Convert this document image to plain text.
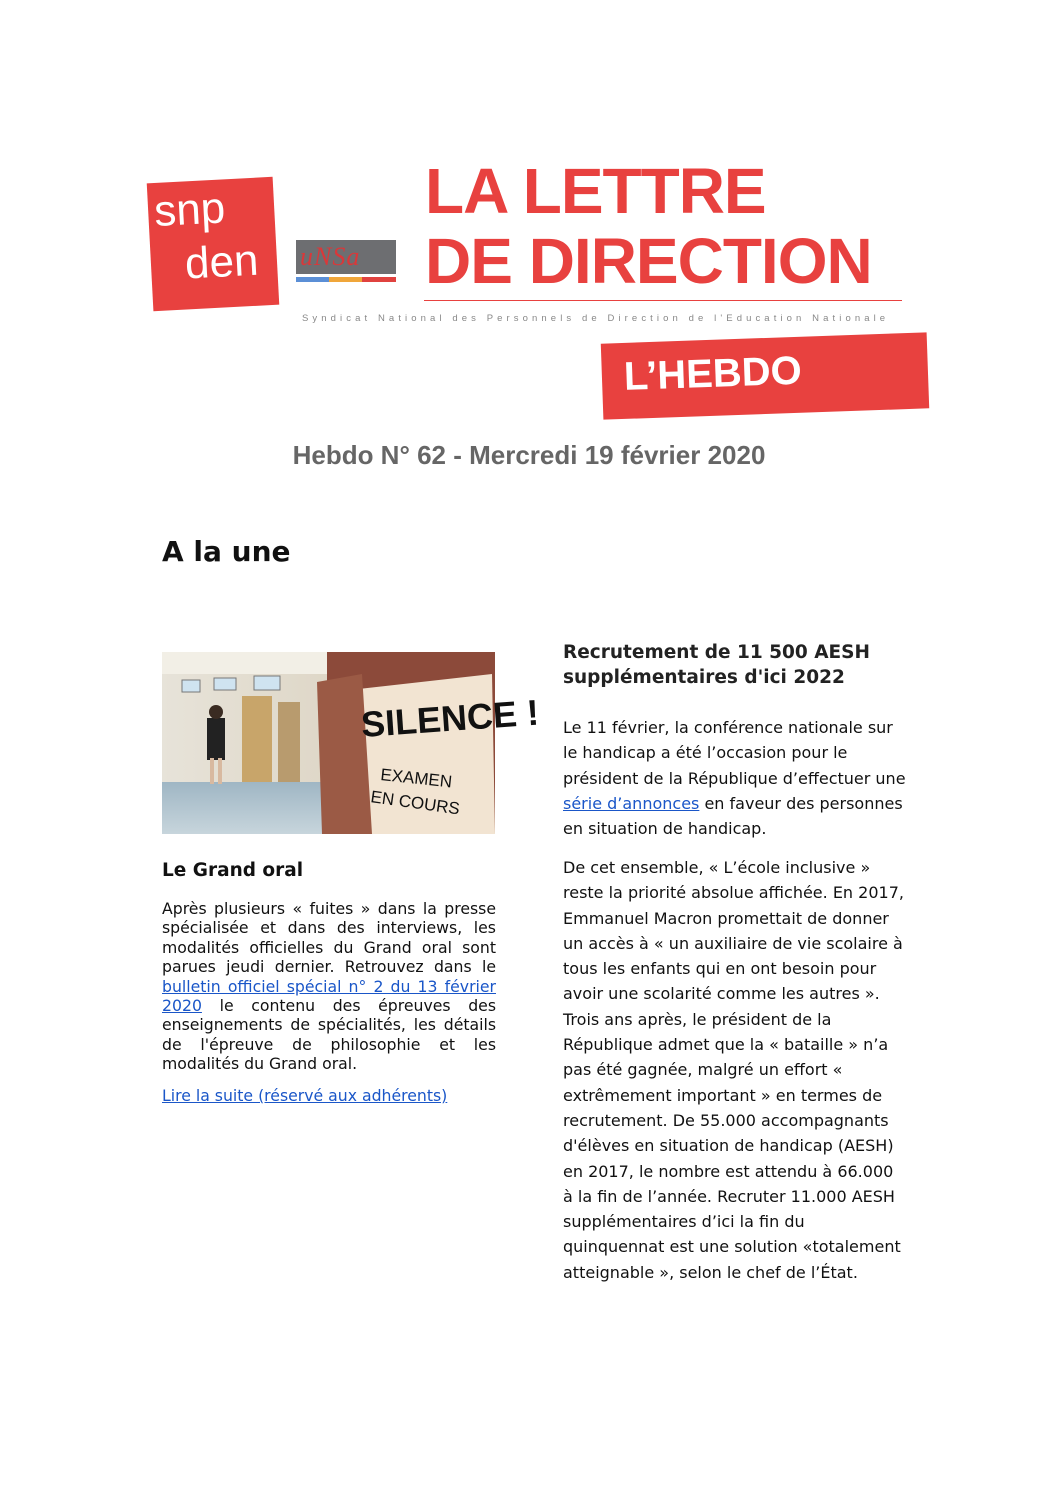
snp
den uNSa
LA LETTRE
DE DIRECTION
Syndicat National des Personnels de Direction de l'Education Nationale
L’HEBDO
Hebdo N° 62 - Mercredi 19 février 2020
A la une
SILENCE !
EXAMEN
EN COURS
Le Grand oral
Après plusieurs « fuites » dans la presse spécialisée et dans des interviews, les modalités officielles du Grand oral sont parues jeudi dernier. Retrouvez dans le bulletin officiel spécial n° 2 du 13 février 2020 le contenu des épreuves des enseignements de spécialités, les détails de l'épreuve de philosophie et les modalités du Grand oral.
Lire la suite (réservé aux adhérents)
Recrutement de 11 500 AESH supplémentaires d'ici 2022
Le 11 février, la conférence nationale sur le handicap a été l’occasion pour le président de la République d’effectuer une série d’annonces en faveur des personnes en situation de handicap.
De cet ensemble, « L’école inclusive » reste la priorité absolue affichée. En 2017, Emmanuel Macron promettait de donner un accès à « un auxiliaire de vie scolaire à tous les enfants qui en ont besoin pour avoir une scolarité comme les autres ». Trois ans après, le président de la République admet que la « bataille » n’a pas été gagnée, malgré un effort « extrêmement important » en termes de recrutement. De 55.000 accompagnants d'élèves en situation de handicap (AESH) en 2017, le nombre est attendu à 66.000 à la fin de l’année. Recruter 11.000 AESH supplémentaires d’ici la fin du quinquennat est une solution «totalement atteignable », selon le chef de l’État.
